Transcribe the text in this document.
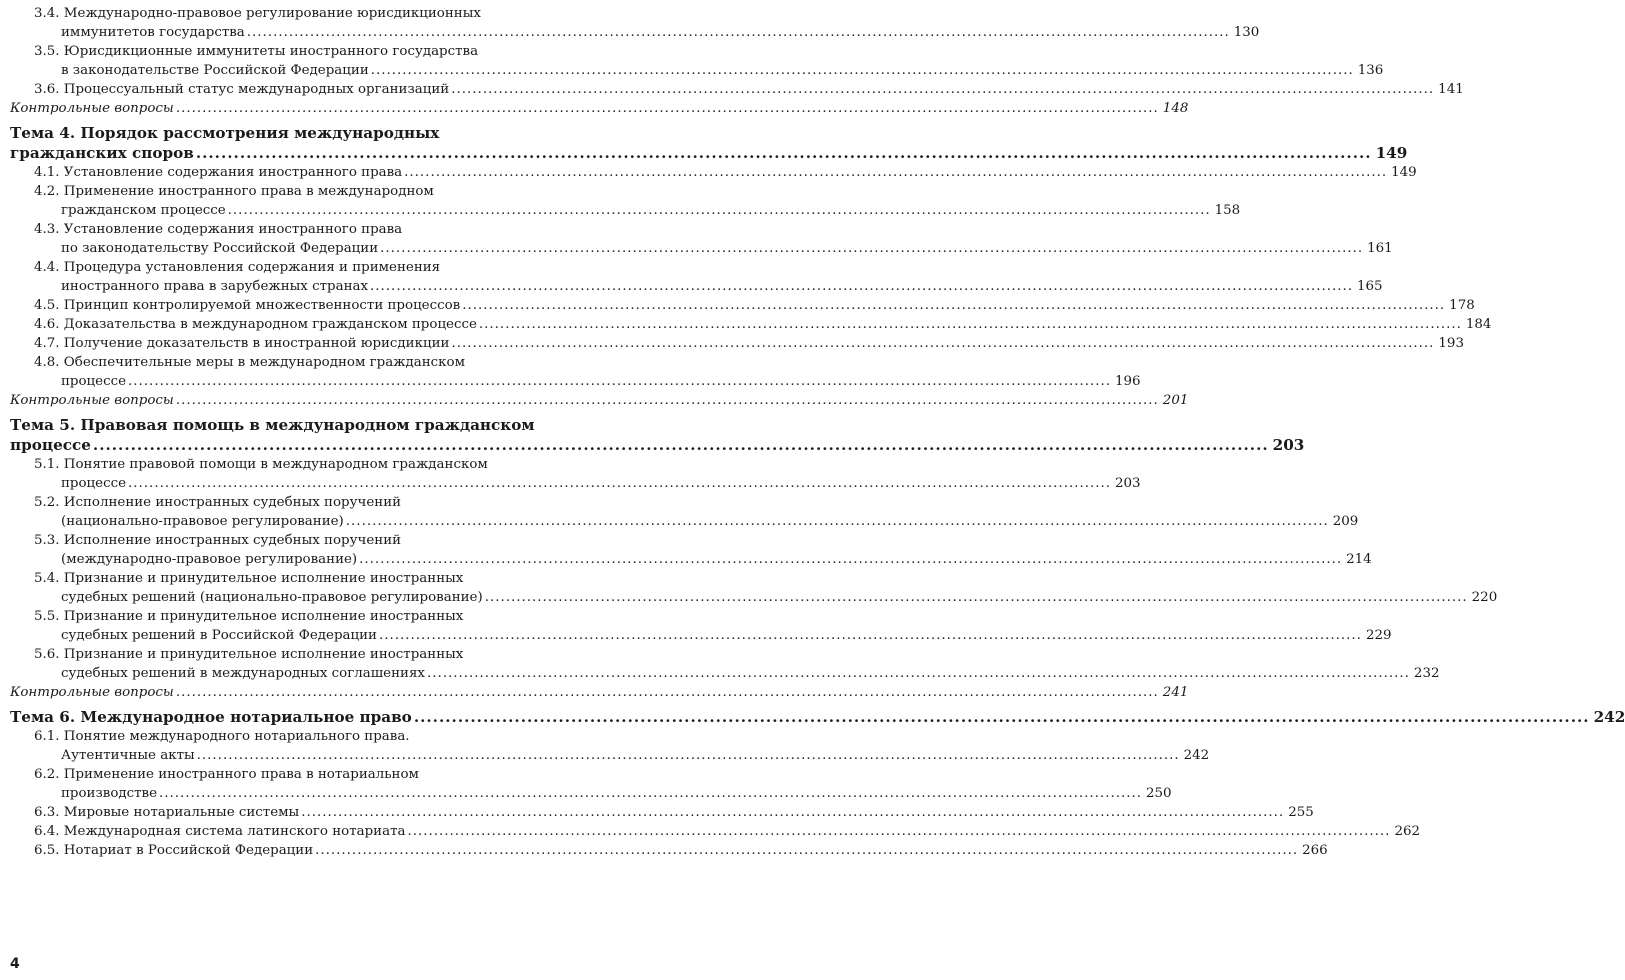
3.4. Международно-правовое регулирование юрисдикционных
иммунитетов государства .....	130
3.5. Юрисдикционные иммунитеты иностранного государства
в законодательстве Российской Федерации .....	136
3.6. Процессуальный статус международных организаций .....	141
Контрольные вопросы .....	148
Тема 4. Порядок рассмотрения международных
гражданских споров .....	149
4.1. Установление содержания иностранного права .....	149
4.2. Применение иностранного права в международном
гражданском процессе .....	158
4.3. Установление содержания иностранного права
по законодательству Российской Федерации .....	161
4.4. Процедура установления содержания и применения
иностранного права в зарубежных странах .....	165
4.5. Принцип контролируемой множественности процессов .....	178
4.6. Доказательства в международном гражданском процессе .....	184
4.7. Получение доказательств в иностранной юрисдикции .....	193
4.8. Обеспечительные меры в международном гражданском
процессе .....	196
Контрольные вопросы .....	201
Тема 5. Правовая помощь в международном гражданском
процессе .....	203
5.1. Понятие правовой помощи в международном гражданском
процессе .....	203
5.2. Исполнение иностранных судебных поручений
(национально-правовое регулирование) .....	209
5.3. Исполнение иностранных судебных поручений
(международно-правовое регулирование) .....	214
5.4. Признание и принудительное исполнение иностранных
судебных решений (национально-правовое регулирование) .....	220
5.5. Признание и принудительное исполнение иностранных
судебных решений в Российской Федерации .....	229
5.6. Признание и принудительное исполнение иностранных
судебных решений в международных соглашениях .....	232
Контрольные вопросы .....	241
Тема 6. Международное нотариальное право .....	242
6.1. Понятие международного нотариального права.
Аутентичные акты .....	242
6.2. Применение иностранного права в нотариальном
производстве .....	250
6.3. Мировые нотариальные системы .....	255
6.4. Международная система латинского нотариата .....	262
6.5. Нотариат в Российской Федерации .....	266
4
